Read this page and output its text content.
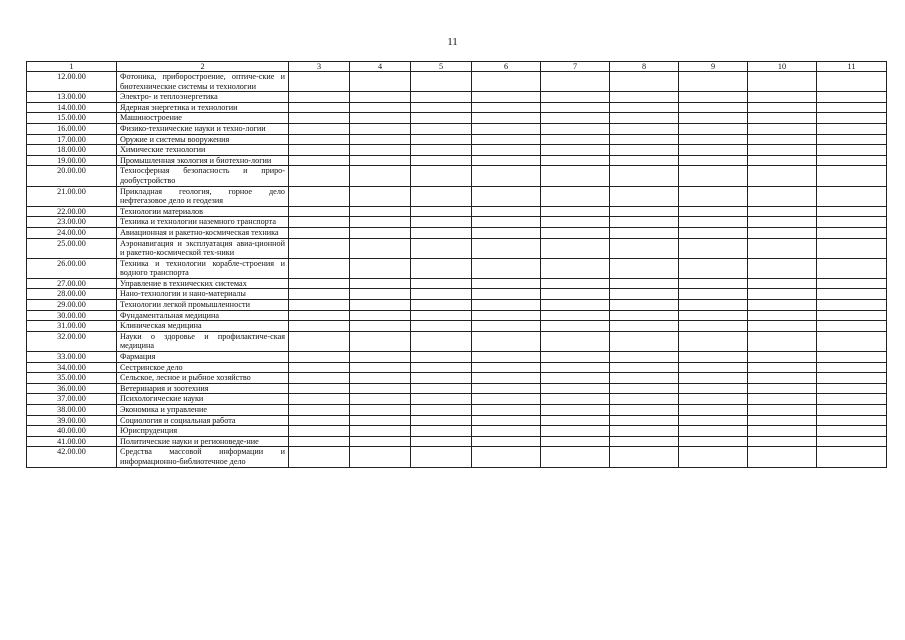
11
1	2	3	4	5	6	7	8	9	10	11
12.00.00	Фотоника, приборостроение, оптиче-ские и биотехнические системы и технологии									
13.00.00	Электро- и теплоэнергетика									
14.00.00	Ядерная энергетика и технологии									
15.00.00	Машиностроение									
16.00.00	Физико-технические науки и техно-логии									
17.00.00	Оружие и системы вооружения									
18.00.00	Химические технологии									
19.00.00	Промышленная экология и биотехно-логии									
20.00.00	Техносферная безопасность и приро-дообустройство									
21.00.00	Прикладная геология, горное дело нефтегазовое дело и геодезия									
22.00.00	Технологии материалов									
23.00.00	Техника и технологии наземного транспорта									
24.00.00	Авиационная и ракетно-космическая техника									
25.00.00	Аэронавигация и эксплуатация авиа-ционной и ракетно-космической тех-ники									
26.00.00	Техника и технологии кораблe-строения и водного транспорта									
27.00.00	Управление в технических системах									
28.00.00	Нано-технологии и нано-материалы									
29.00.00	Технологии легкой промышленности									
30.00.00	Фундаментальная медицина									
31.00.00	Клиническая медицина									
32.00.00	Науки о здоровье и профилактиче-ская медицина									
33.00.00	Фармация									
34.00.00	Сестринское дело									
35.00.00	Сельское, лесное и рыбное хозяйство									
36.00.00	Ветеринария и зоотехния									
37.00.00	Психологические науки									
38.00.00	Экономика и управление									
39.00.00	Социология и социальная работа									
40.00.00	Юриспруденция									
41.00.00	Политические науки и регионоведе-ние									
42.00.00	Средства массовой информации и информационно-библиотечное дело									
